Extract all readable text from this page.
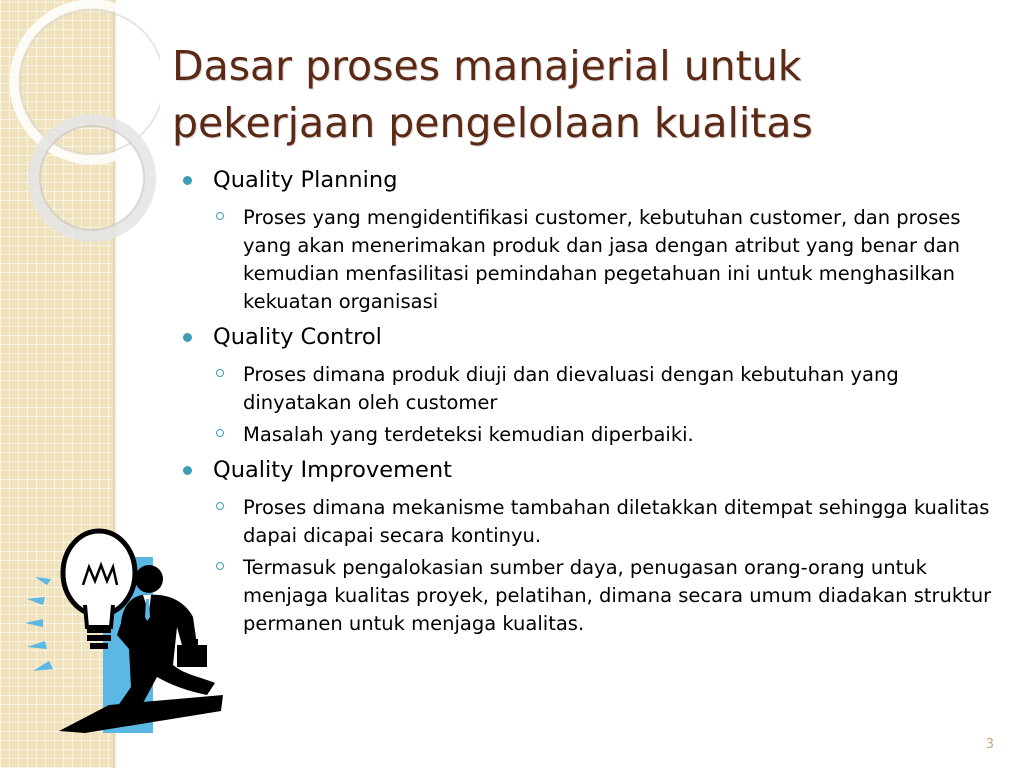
Dasar proses manajerial untuk pekerjaan pengelolaan kualitas
Quality Planning
Proses yang mengidentifikasi customer, kebutuhan customer, dan proses yang akan menerimakan produk dan jasa dengan atribut yang benar dan kemudian menfasilitasi pemindahan pegetahuan ini untuk menghasilkan kekuatan organisasi
Quality Control
Proses dimana produk diuji dan dievaluasi dengan kebutuhan yang dinyatakan oleh customer
Masalah yang terdeteksi kemudian diperbaiki.
Quality Improvement
Proses dimana mekanisme tambahan diletakkan ditempat sehingga kualitas dapai dicapai secara kontinyu.
Termasuk pengalokasian sumber daya, penugasan orang-orang untuk menjaga kualitas proyek, pelatihan, dimana secara umum diadakan struktur permanen untuk menjaga kualitas.
3
